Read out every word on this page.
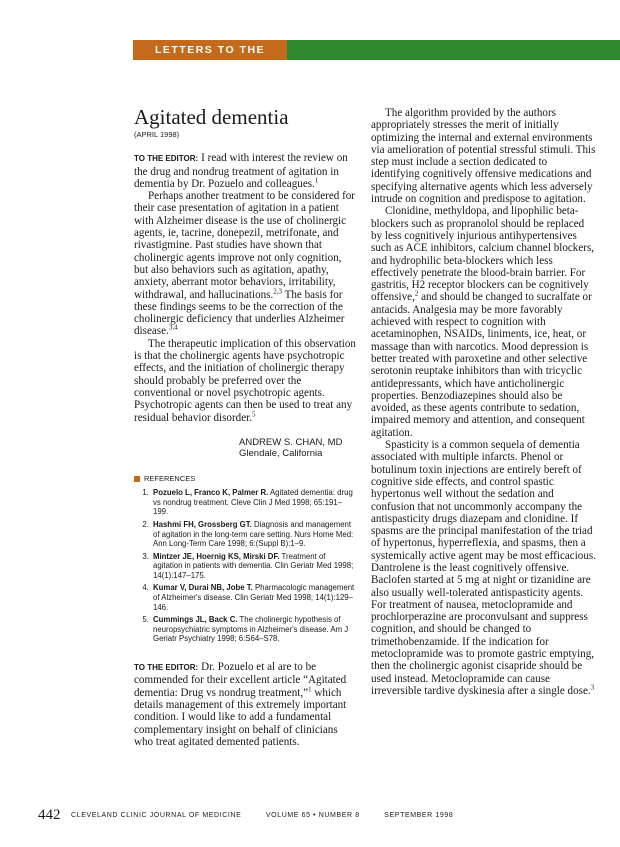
LETTERS TO THE EDITOR
Agitated dementia
(APRIL 1998)

TO THE EDITOR: I read with interest the review on the drug and nondrug treatment of agitation in dementia by Dr. Pozuelo and colleagues.$^1$

Perhaps another treatment to be considered for their case presentation of agitation in a patient with Alzheimer disease is the use of cholinergic agents, ie, tacrine, donepezil, metrifonate, and rivastigmine. Past studies have shown that cholinergic agents improve not only cognition, but also behaviors such as agitation, apathy, anxiety, aberrant motor behaviors, irritability, withdrawal, and hallucinations.$^{2,3}$ The basis for these findings seems to be the correction of the cholinergic deficiency that underlies Alzheimer disease.$^{3,4}$

The therapeutic implication of this observation is that the cholinergic agents have psychotropic effects, and the initiation of cholinergic therapy should probably be preferred over the conventional or novel psychotropic agents. Psychotropic agents can then be used to treat any residual behavior disorder.$^5$

ANDREW S. CHAN, MD
Glendale, California
REFERENCES
1. Pozuelo L, Franco K, Palmer R. Agitated dementia: drug vs nondrug treatment. Cleve Clin J Med 1998; 65:191–199.
2. Hashmi FH, Grossberg GT. Diagnosis and management of agitation in the long-term care setting. Nurs Home Med: Ann Long-Term Care 1998; 6:(Suppl B):1–9.
3. Mintzer JE, Hoernig KS, Mirski DF. Treatment of agitation in patients with dementia. Clin Geriatr Med 1998; 14(1):147–175.
4. Kumar V, Durai NB, Jobe T. Pharmacologic management of Alzheimer's disease. Clin Geriatr Med 1998; 14(1):129–146.
5. Cummings JL, Back C. The cholinergic hypothesis of neuropsychiatric symptoms in Alzheimer's disease. Am J Geriatr Psychiatry 1998; 6:S64–S78.

TO THE EDITOR: Dr. Pozuelo et al are to be commended for their excellent article “Agitated dementia: Drug vs nondrug treatment,”$^1$ which details management of this extremely important condition. I would like to add a fundamental complementary insight on behalf of clinicians who treat agitated demented patients.

The algorithm provided by the authors appropriately stresses the merit of initially optimizing the internal and external environments via amelioration of potential stressful stimuli. This step must include a section dedicated to identifying cognitively offensive medications and specifying alternative agents which less adversely intrude on cognition and predispose to agitation.

Clonidine, methyldopa, and lipophilic beta-blockers such as propranolol should be replaced by less cognitively injurious antihypertensives such as ACE inhibitors, calcium channel blockers, and hydrophilic beta-blockers which less effectively penetrate the blood-brain barrier. For gastritis, H2 receptor blockers can be cognitively offensive,$^2$ and should be changed to sucralfate or antacids. Analgesia may be more favorably achieved with respect to cognition with acetaminophen, NSAIDs, liniments, ice, heat, or massage than with narcotics. Mood depression is better treated with paroxetine and other selective serotonin reuptake inhibitors than with tricyclic antidepressants, which have anticholinergic properties. Benzodiazepines should also be avoided, as these agents contribute to sedation, impaired memory and attention, and consequent agitation.

Spasticity is a common sequela of dementia associated with multiple infarcts. Phenol or botulinum toxin injections are entirely bereft of cognitive side effects, and control spastic hypertonus well without the sedation and confusion that not uncommonly accompany the antispasticity drugs diazepam and clonidine. If spasms are the principal manifestation of the triad of hypertonus, hyperreflexia, and spasms, then a systemically active agent may be most efficacious. Dantrolene is the least cognitively offensive. Baclofen started at 5 mg at night or tizanidine are also usually well-tolerated antispasticity agents. For treatment of nausea, metoclopramide and prochlorperazine are proconvulsant and suppress cognition, and should be changed to trimethobenzamide. If the indication for metoclopramide was to promote gastric emptying, then the cholinergic agonist cisapride should be used instead. Metoclopramide can cause irreversible tardive dyskinesia after a single dose.$^3$

442 CLEVELAND CLINIC JOURNAL OF MEDICINE	VOLUME 65 • NUMBER 8	SEPTEMBER 1998
